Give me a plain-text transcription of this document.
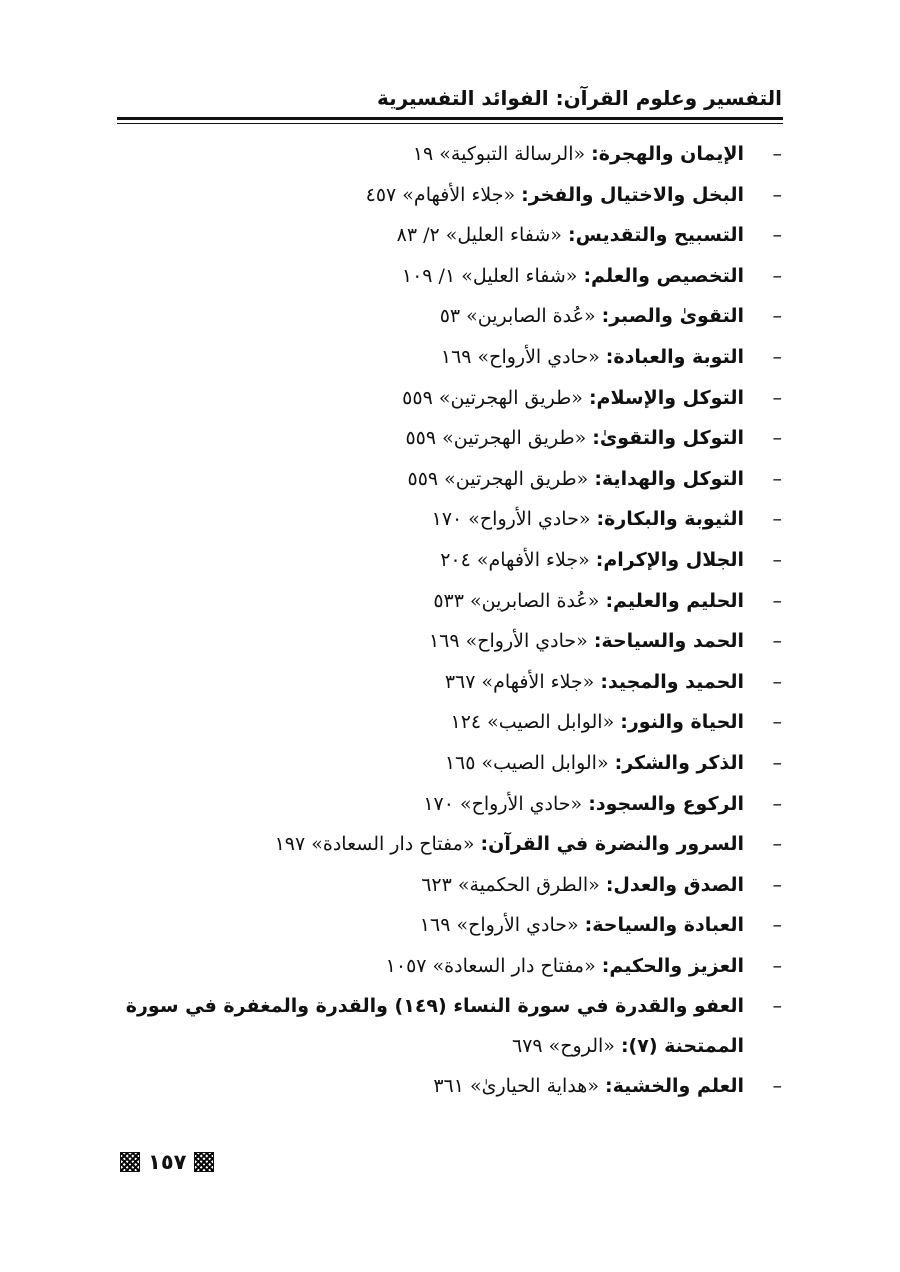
التفسير وعلوم القرآن: الفوائد التفسيرية
–
الإيمان والهجرة: «الرسالة التبوكية» ١٩
–
البخل والاختيال والفخر: «جلاء الأفهام» ٤٥٧
–
التسبيح والتقديس: «شفاء العليل» ٢/ ٨٣
–
التخصيص والعلم: «شفاء العليل» ١/ ١٠٩
–
التقوىٰ والصبر: «عُدة الصابرين» ٥٣
–
التوبة والعبادة: «حادي الأرواح» ١٦٩
–
التوكل والإسلام: «طريق الهجرتين» ٥٥٩
–
التوكل والتقوىٰ: «طريق الهجرتين» ٥٥٩
–
التوكل والهداية: «طريق الهجرتين» ٥٥٩
–
الثيوبة والبكارة: «حادي الأرواح» ١٧٠
–
الجلال والإكرام: «جلاء الأفهام» ٢٠٤
–
الحليم والعليم: «عُدة الصابرين» ٥٣٣
–
الحمد والسياحة: «حادي الأرواح» ١٦٩
–
الحميد والمجيد: «جلاء الأفهام» ٣٦٧
–
الحياة والنور: «الوابل الصيب» ١٢٤
–
الذكر والشكر: «الوابل الصيب» ١٦٥
–
الركوع والسجود: «حادي الأرواح» ١٧٠
–
السرور والنضرة في القرآن: «مفتاح دار السعادة» ١٩٧
–
الصدق والعدل: «الطرق الحكمية» ٦٢٣
–
العبادة والسياحة: «حادي الأرواح» ١٦٩
–
العزيز والحكيم: «مفتاح دار السعادة» ١٠٥٧
–
العفو والقدرة في سورة النساء (١٤٩) والقدرة والمغفرة في سورة الممتحنة (٧): «الروح» ٦٧٩
–
العلم والخشية: «هداية الحيارىٰ» ٣٦١
١٥٧
